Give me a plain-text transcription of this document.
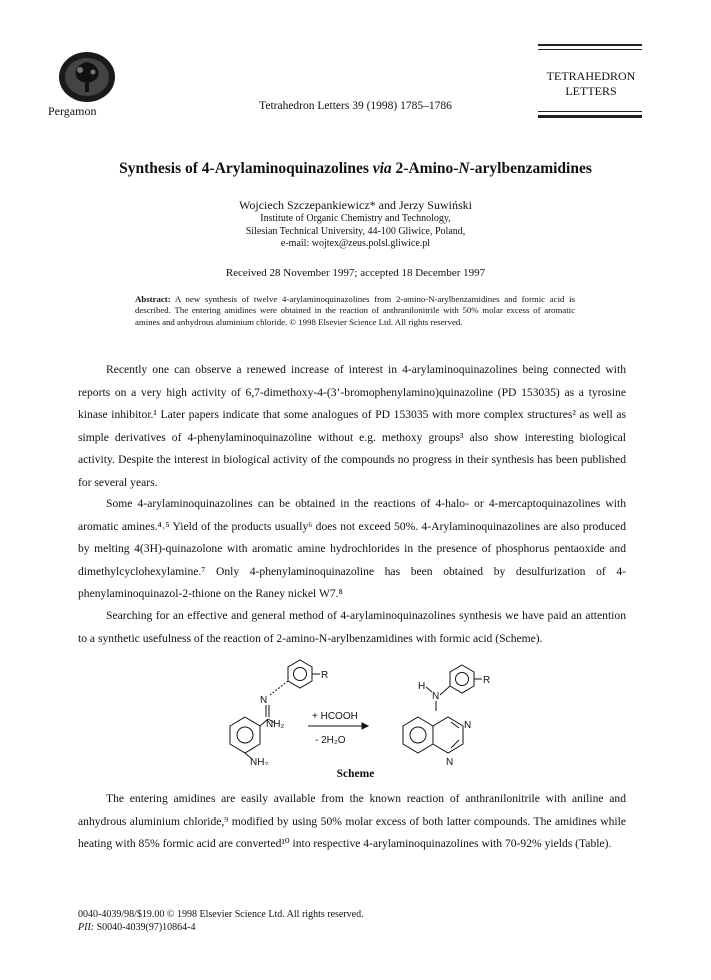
Pergamon	Tetrahedron Letters 39 (1998) 1785–1786
TETRAHEDRON
LETTERS
Synthesis of 4-Arylaminoquinazolines via 2-Amino-N-arylbenzamidines
Wojciech Szczepankiewicz* and Jerzy Suwiński
Institute of Organic Chemistry and Technology,
Silesian Technical University, 44-100 Gliwice, Poland,
e-mail: wojtex@zeus.polsl.gliwice.pl
Received 28 November 1997; accepted 18 December 1997
Abstract: A new synthesis of twelve 4-arylaminoquinazolines from 2-amino-N-arylbenzamidines and formic acid is described. The entering amidines were obtained in the reaction of anthranilonitrile with 50% molar excess of aromatic amines and anhydrous aluminium chloride. © 1998 Elsevier Science Ltd. All rights reserved.
Recently one can observe a renewed increase of interest in 4-arylaminoquinazolines being connected with reports on a very high activity of 6,7-dimethoxy-4-(3’-bromophenylamino)quinazoline (PD 153035) as a tyrosine kinase inhibitor.¹ Later papers indicate that some analogues of PD 153035 with more complex structures² as well as simple derivatives of 4-phenylaminoquinazoline without e.g. methoxy groups³ also show interesting biological activity. Despite the interest in biological activity of the compounds no progress in their synthesis has been published for several years.
Some 4-arylaminoquinazolines can be obtained in the reactions of 4-halo- or 4-mercaptoquinazolines with aromatic amines.⁴˒⁵ Yield of the products usually⁶ does not exceed 50%. 4-Arylaminoquinazolines are also produced by melting 4(3H)-quinazolone with aromatic amine hydrochlorides in the presence of phosphorus pentaoxide and dimethylcyclohexylamine.⁷ Only 4-phenylaminoquinazoline has been obtained by desulfurization of 4-phenylaminoquinazol-2-thione on the Raney nickel W7.⁸
Searching for an effective and general method of 4-arylaminoquinazolines synthesis we have paid an attention to a synthetic usefulness of the reaction of 2-amino-N-arylbenzamidines with formic acid (Scheme).
R
N
NH₂
NH₂
+ HCOOH
- 2H₂O
R
H
N
N
N
Scheme
The entering amidines are easily available from the known reaction of anthranilonitrile with aniline and anhydrous aluminium chloride,⁹ modified by using 50% molar excess of both latter compounds. The amidines while heating with 85% formic acid are converted¹⁰ into respective 4-arylaminoquinazolines with 70-92% yields (Table).
0040-4039/98/$19.00 © 1998 Elsevier Science Ltd. All rights reserved.
PII: S0040-4039(97)10864-4
